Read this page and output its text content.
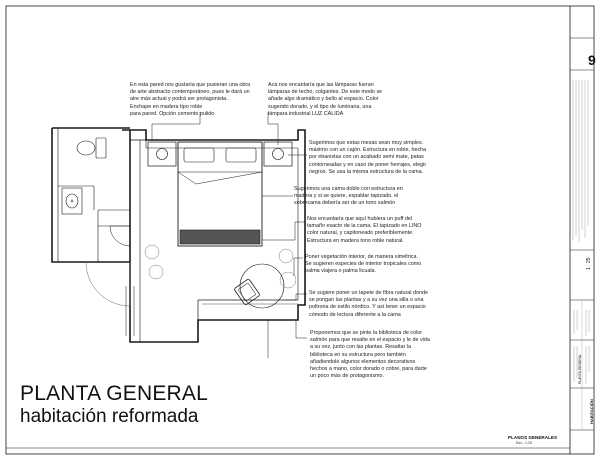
En esta pared nos gustaría que pusieran una obra
de arte abstracto contemporáneo, pues le dará un
aire más actual y podrá ser protagonista.
Enchape en madera tipo roble
para pared. Opción cemento pulido
Acá nos encantaría que las lámparas fueran
lámparas de techo, colgantes. De este modo se
añade algo dramático y bello al espacio. Color
sugerido dorado, y el tipo de luminaria, una
lámpara industrial LUZ CÁLIDA
Sugerimos que estas mesas sean muy simples.
máximo con un cajón. Estructura en roble, hecha
por ebanistas con un acabado semi mate, patas
contorneadas y en caso de poner herrajes, elegir
negros. Se usa la misma estructura de la cama.
Sugerimos una cama doble con estructura en
madera y si se quiere, espaldar tapizado. el
sobrecama debería ser de un tono salmón
Nos encantaría que aquí hubiera un puff del
tamaño exacto de la cama. El tapizado en LINO
color natural, y capitoneado preferiblemente.
Estructura en madera tono roble natural.
Poner vegetación interior, de manera simétrica.
Se sugieren especies de interior tropicales como
palma viajera o palma licuala.
Se sugiere poner un tapete de fibra natural donde
se pongan las plantas y a su vez una silla o una
poltrona de estilo nórdico. Y así tener un espacio
cómodo de lectura diferente a la cama
Proponemos que se pinte la biblioteca de color
salmón para que resalte en el espacio y le de vida
a su vez, junto con las plantas. Resaltar la
biblioteca en su estructura pero también
añadiendole algunos elementos decorativos
hechos a mano, color dorado o cobre, para darte
un poco más de protagonismo.
PLANTA GENERAL
habitación reformada
PLANOS GENERALES
Esc.: 1:25
9
1 : 25
HABITACIÓN
PLANTA GENERAL
